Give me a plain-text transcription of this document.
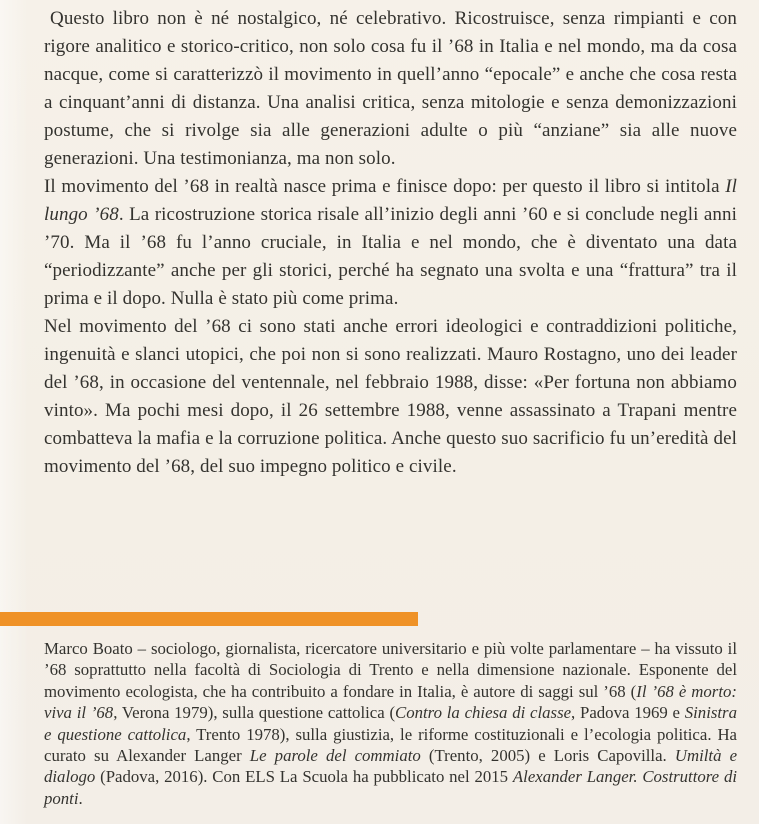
Questo libro non è né nostalgico, né celebrativo. Ricostruisce, senza rimpianti e con rigore analitico e storico-critico, non solo cosa fu il ’68 in Italia e nel mondo, ma da cosa nacque, come si caratterizzò il movimento in quell’anno “epocale” e anche che cosa resta a cinquant’anni di distanza. Una analisi critica, senza mitologie e senza demonizzazioni postume, che si rivolge sia alle generazioni adulte o più “anziane” sia alle nuove generazioni. Una testimonianza, ma non solo.

Il movimento del ’68 in realtà nasce prima e finisce dopo: per questo il libro si intitola Il lungo ’68. La ricostruzione storica risale all’inizio degli anni ’60 e si conclude negli anni ’70. Ma il ’68 fu l’anno cruciale, in Italia e nel mondo, che è diventato una data “periodizzante” anche per gli storici, perché ha segnato una svolta e una “frattura” tra il prima e il dopo. Nulla è stato più come prima.

Nel movimento del ’68 ci sono stati anche errori ideologici e contraddizioni politiche, ingenuità e slanci utopici, che poi non si sono realizzati. Mauro Rostagno, uno dei leader del ’68, in occasione del ventennale, nel febbraio 1988, disse: «Per fortuna non abbiamo vinto». Ma pochi mesi dopo, il 26 settembre 1988, venne assassinato a Trapani mentre combatteva la mafia e la corruzione politica. Anche questo suo sacrificio fu un’eredità del movimento del ’68, del suo impegno politico e civile.

Marco Boato – sociologo, giornalista, ricercatore universitario e più volte parlamentare – ha vissuto il ’68 soprattutto nella facoltà di Sociologia di Trento e nella dimensione nazionale. Esponente del movimento ecologista, che ha contribuito a fondare in Italia, è autore di saggi sul ’68 (Il ’68 è morto: viva il ’68, Verona 1979), sulla questione cattolica (Contro la chiesa di classe, Padova 1969 e Sinistra e questione cattolica, Trento 1978), sulla giustizia, le riforme costituzionali e l’ecologia politica. Ha curato su Alexander Langer Le parole del commiato (Trento, 2005) e Loris Capovilla. Umiltà e dialogo (Padova, 2016). Con ELS La Scuola ha pubblicato nel 2015 Alexander Langer. Costruttore di ponti.
